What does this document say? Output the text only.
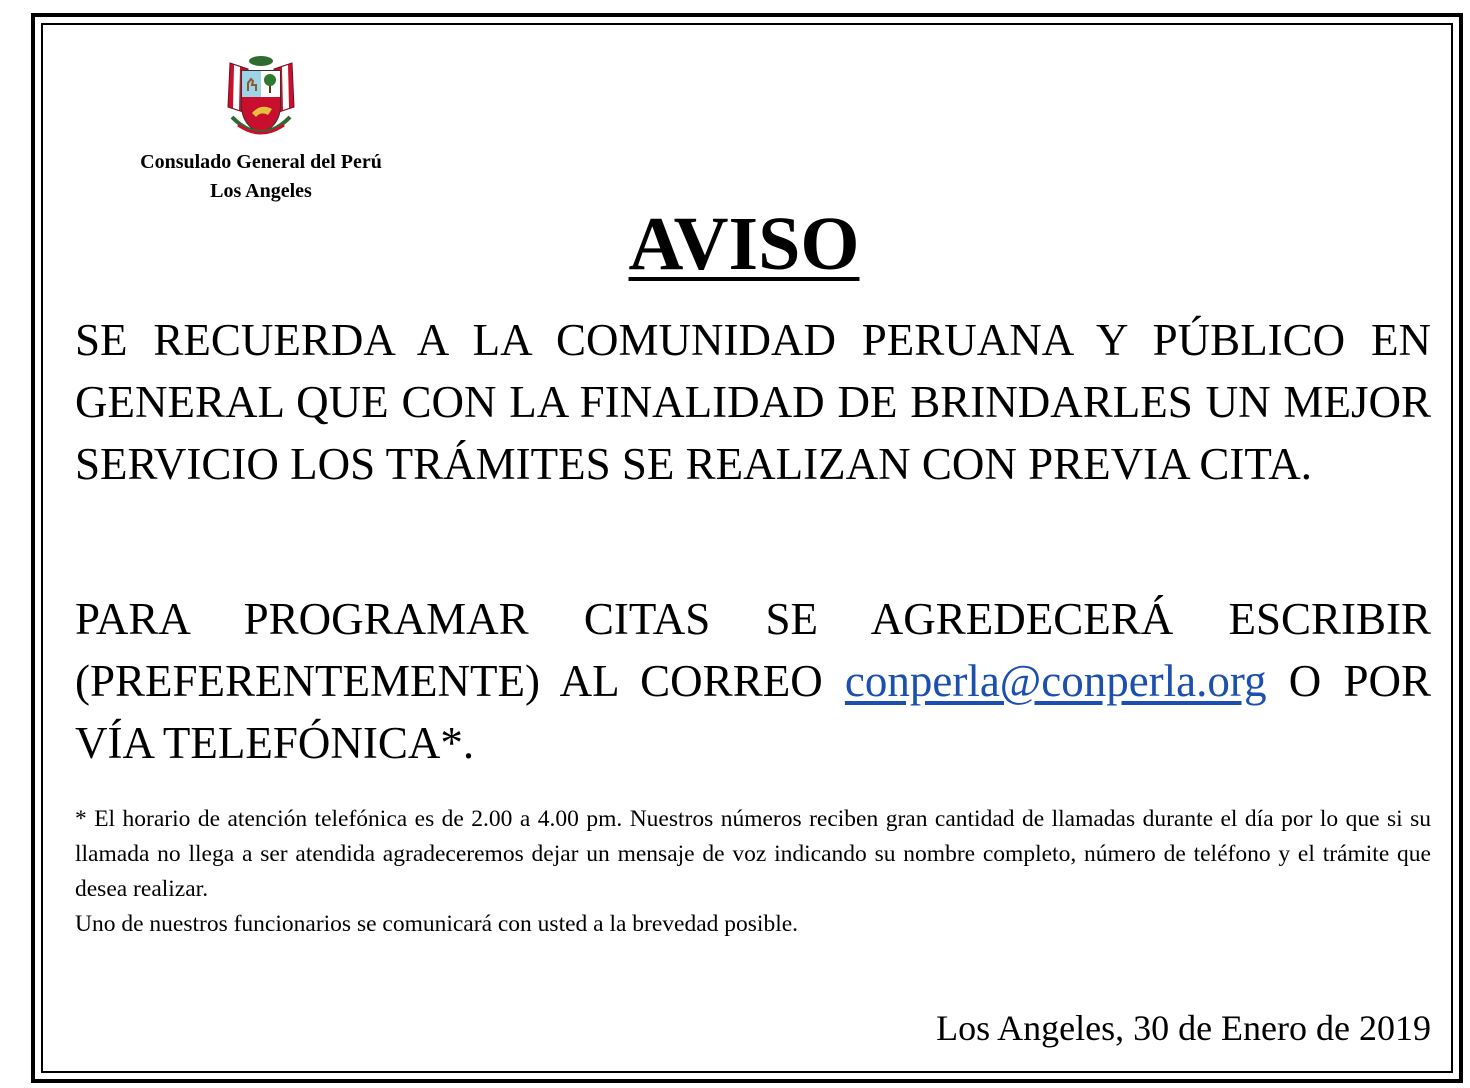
Consulado General del Perú
Los Angeles
AVISO
SE RECUERDA A LA COMUNIDAD PERUANA Y PÚBLICO EN GENERAL QUE CON LA FINALIDAD DE BRINDARLES UN MEJOR SERVICIO LOS TRÁMITES SE REALIZAN CON PREVIA CITA.
PARA PROGRAMAR CITAS SE AGREDECERÁ ESCRIBIR (PREFERENTEMENTE) AL CORREO conperla@conperla.org O POR VÍA TELEFÓNICA*.

* El horario de atención telefónica es de 2.00 a 4.00 pm. Nuestros números reciben gran cantidad de llamadas durante el día por lo que si su llamada no llega a ser atendida agradeceremos dejar un mensaje de voz indicando su nombre completo, número de teléfono y el trámite que desea realizar.

Uno de nuestros funcionarios se comunicará con usted a la brevedad posible.

Los Angeles, 30 de Enero de 2019
